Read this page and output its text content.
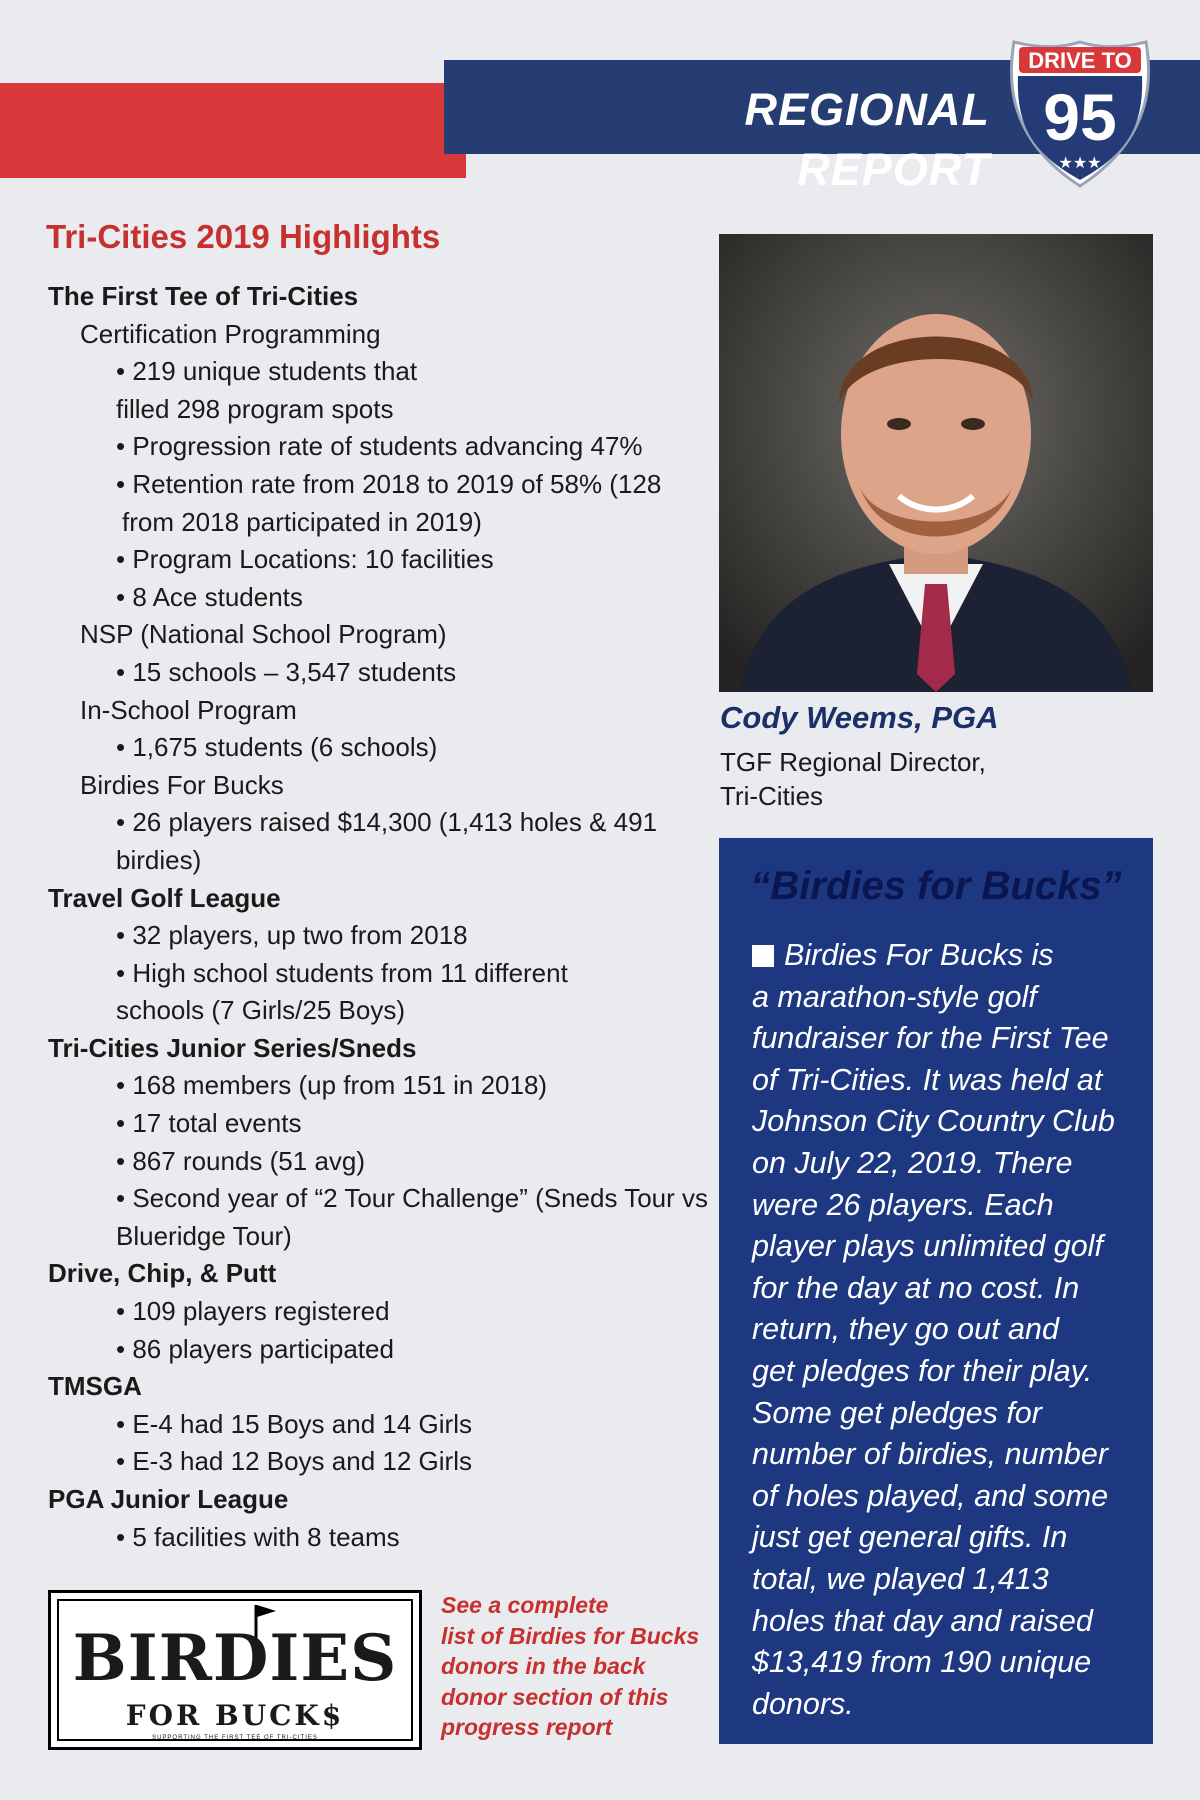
REGIONAL REPORT
DRIVE TO
95
★★★
Tri-Cities 2019 Highlights
The First Tee of Tri-Cities
Certification Programming
• 219 unique students that
filled 298 program spots
• Progression rate of students advancing 47%
• Retention rate from 2018 to 2019 of 58% (128
from 2018 participated in 2019)
• Program Locations: 10 facilities
• 8 Ace students
NSP (National School Program)
• 15 schools – 3,547 students
In-School Program
• 1,675 students (6 schools)
Birdies For Bucks
• 26 players raised $14,300 (1,413 holes & 491
birdies)
Travel Golf League
• 32 players, up two from 2018
• High school students from 11 different
schools (7 Girls/25 Boys)
Tri-Cities Junior Series/Sneds
• 168 members (up from 151 in 2018)
• 17 total events
• 867 rounds (51 avg)
• Second year of “2 Tour Challenge” (Sneds Tour vs
Blueridge Tour)
Drive, Chip, & Putt
• 109 players registered
• 86 players participated
TMSGA
• E-4 had 15 Boys and 14 Girls
• E-3 had 12 Boys and 12 Girls
PGA Junior League
• 5 facilities with 8 teams
Cody Weems, PGA
TGF Regional Director,
Tri-Cities
“Birdies for Bucks”
Birdies For Bucks is
a marathon-style golf
fundraiser for the First Tee
of Tri-Cities. It was held at
Johnson City Country Club
on July 22, 2019. There
were 26 players. Each
player plays unlimited golf
for the day at no cost. In
return, they go out and
get pledges for their play.
Some get pledges for
number of birdies, number
of holes played, and some
just get general gifts. In
total, we played 1,413
holes that day and raised
$13,419 from 190 unique
donors.
BIRDIES
FOR BUCK$
SUPPORTING THE FIRST TEE OF TRI-CITIES
See a complete
list of Birdies for Bucks
donors in the back
donor section of this
progress report
